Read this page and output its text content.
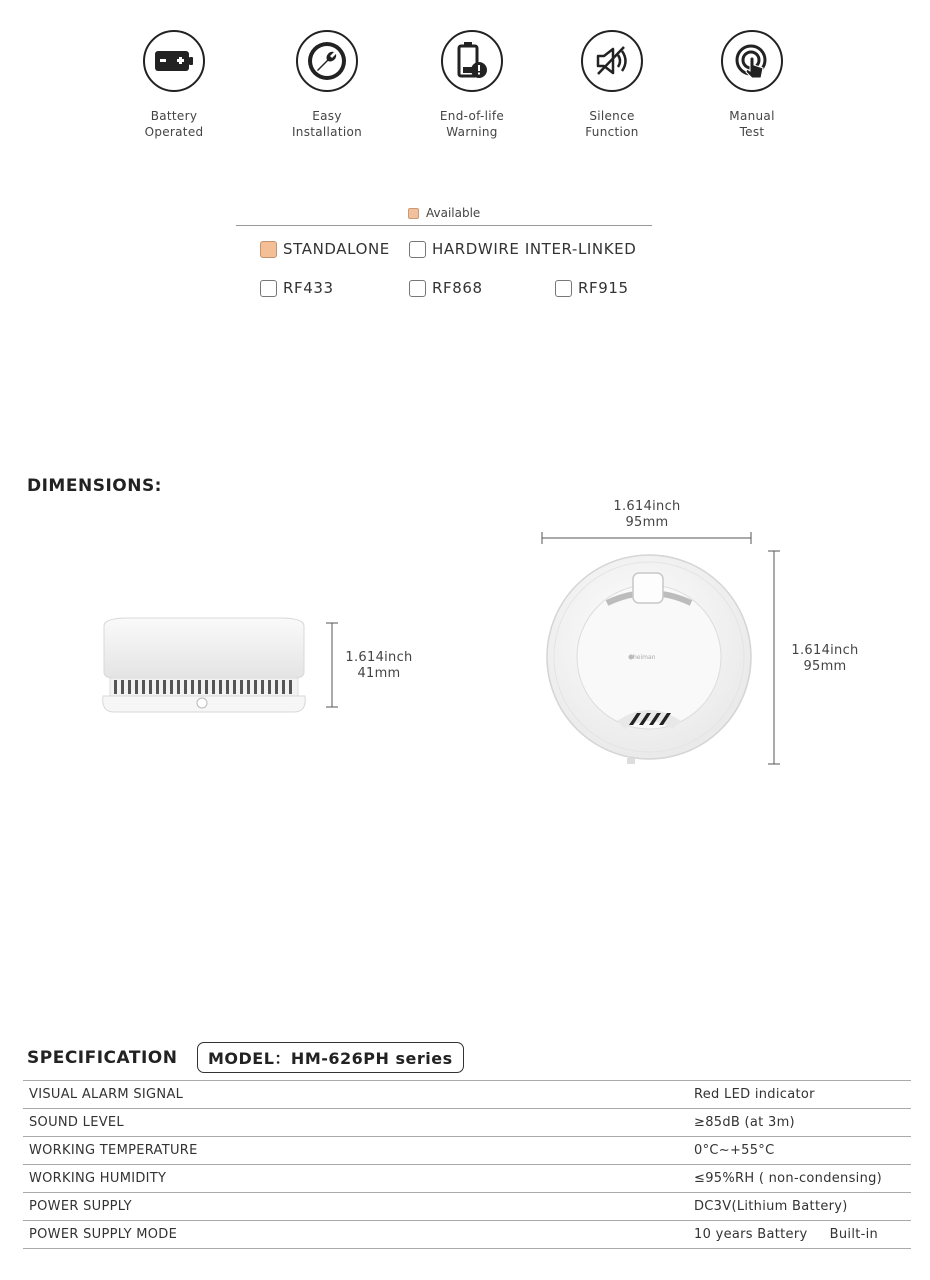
Battery
Operated
Easy
Installation
End-of-life
Warning
Silence
Function
Manual
Test
Available
STANDALONE	HARDWIRE INTER-LINKED
RF433	RF868	RF915
DIMENSIONS:
1.614inch
41mm
1.614inch
95mm
heiman	1.614inch
95mm
SPECIFICATION	MODEL：HM-626PH series
VISUAL ALARM SIGNAL	Red LED indicator
SOUND LEVEL	≥85dB (at 3m)
WORKING TEMPERATURE	0°C~+55°C
WORKING HUMIDITY	≤95%RH ( non-condensing)
POWER SUPPLY	DC3V(Lithium Battery)
POWER SUPPLY MODE	10 years Battery     Built-in
